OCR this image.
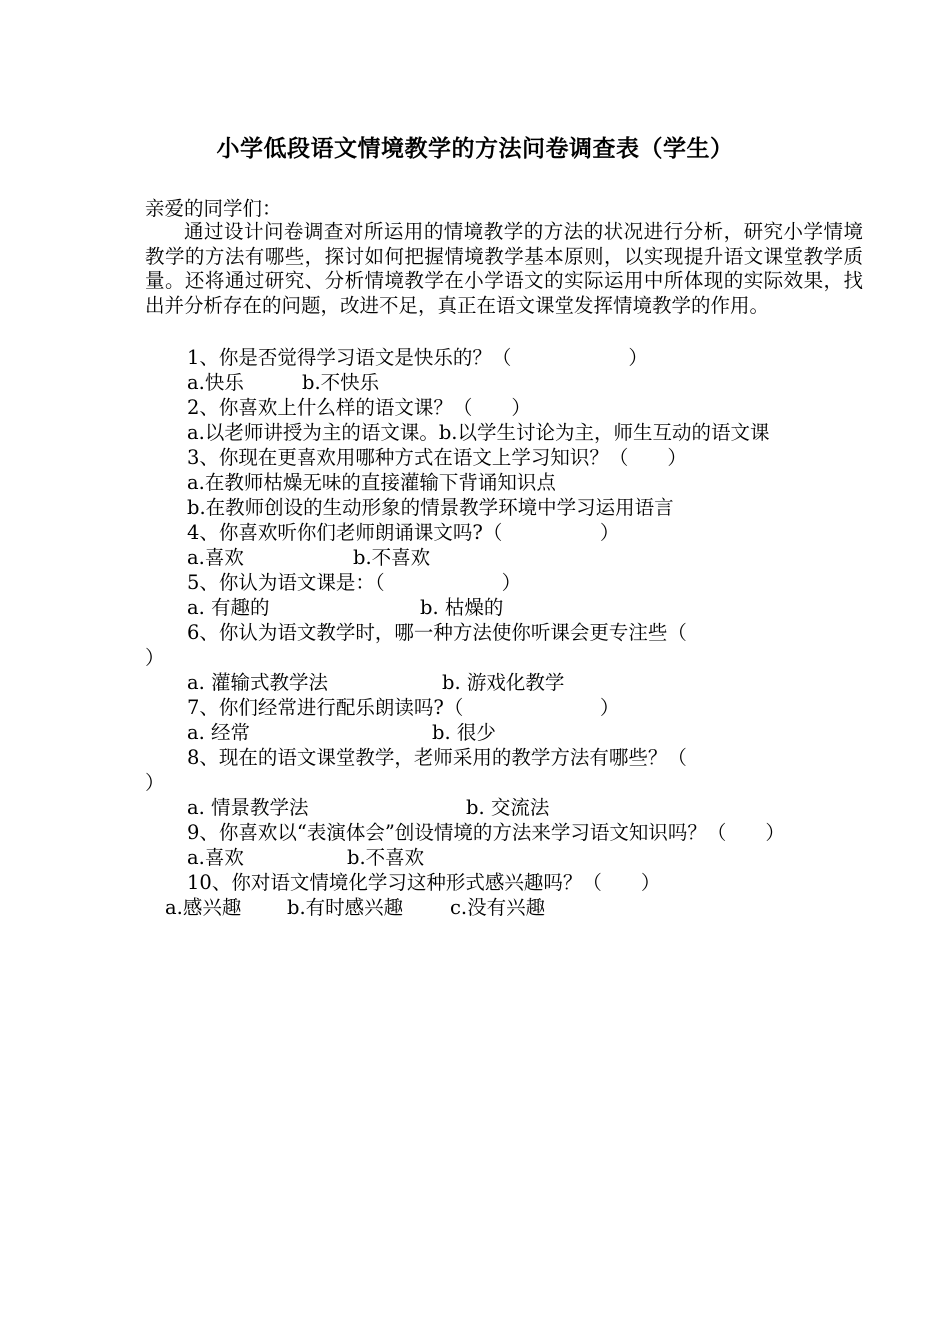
小学低段语文情境教学的方法问卷调查表（学生）
亲爱的同学们：
通过设计问卷调查对所运用的情境教学的方法的状况进行分析，研究小学情境教学的方法有哪些，探讨如何把握情境教学基本原则，以实现提升语文课堂教学质量。还将通过研究、分析情境教学在小学语文的实际运用中所体现的实际效果，找出并分析存在的问题，改进不足，真正在语文课堂发挥情境教学的作用。
1、你是否觉得学习语文是快乐的？（　　　　　　）
a.快乐	b.不快乐
2、你喜欢上什么样的语文课？（　　）
a.以老师讲授为主的语文课。b.以学生讨论为主，师生互动的语文课
3、你现在更喜欢用哪种方式在语文上学习知识？（　　）
a.在教师枯燥无味的直接灌输下背诵知识点
b.在教师创设的生动形象的情景教学环境中学习运用语言
4、你喜欢听你们老师朗诵课文吗?（　　　　　）
a.喜欢	b.不喜欢
5、你认为语文课是：（　　　　　　）
a. 有趣的	b. 枯燥的
6、你认为语文教学时，哪一种方法使你听课会更专注些（
）
a. 灌输式教学法	b. 游戏化教学
7、你们经常进行配乐朗读吗?（　　　　　　　）
a. 经常	b. 很少
8、现在的语文课堂教学，老师采用的教学方法有哪些？（
）
a. 情景教学法	b. 交流法
9、你喜欢以“表演体会”创设情境的方法来学习语文知识吗？（　　）
a.喜欢	b.不喜欢
10、你对语文情境化学习这种形式感兴趣吗？（　　）
a.感兴趣 b.有时感兴趣 c.没有兴趣
